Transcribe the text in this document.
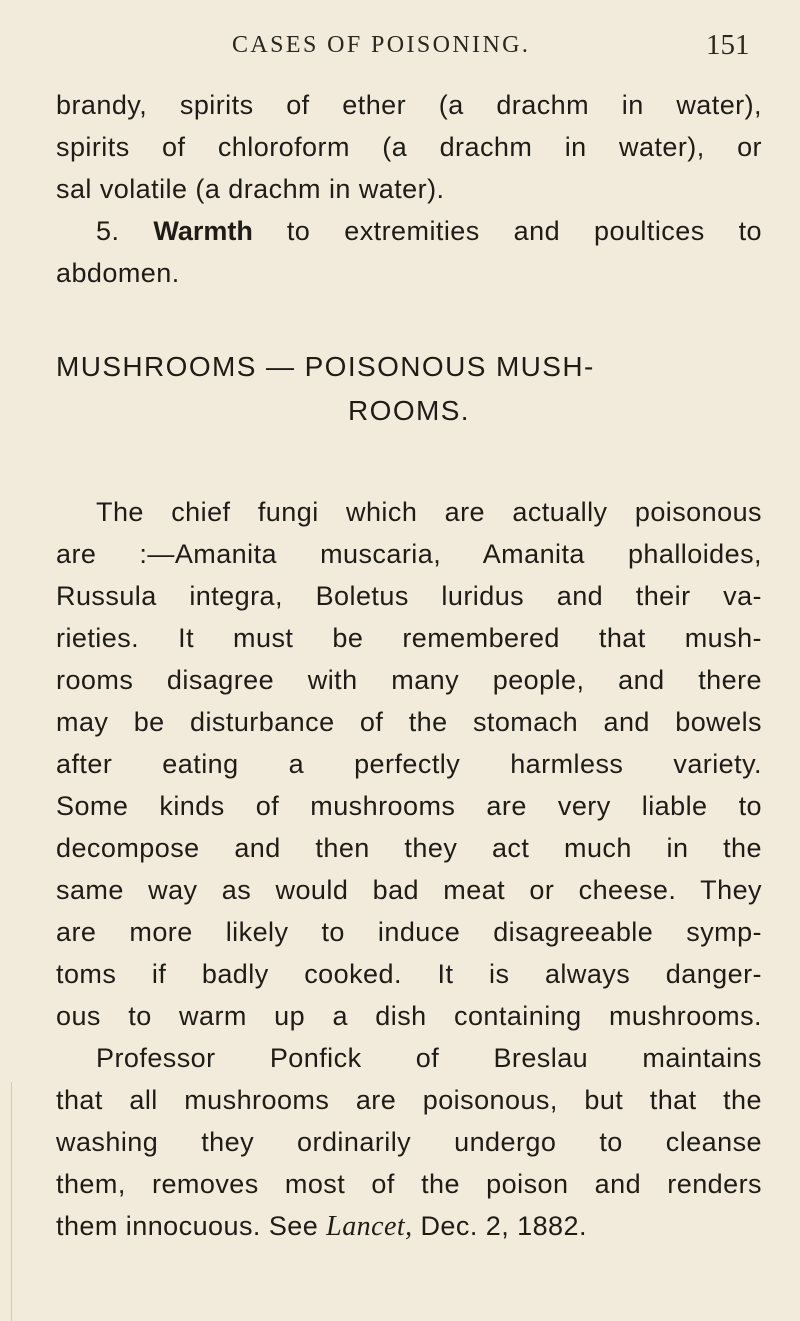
CASES OF POISONING.	151
brandy, spirits of ether (a drachm in water),
spirits of chloroform (a drachm in water), or
sal volatile (a drachm in water).
5. Warmth to extremities and poultices to
abdomen.
MUSHROOMS — POISONOUS MUSH-
ROOMS.
The chief fungi which are actually poisonous
are :—Amanita muscaria, Amanita phalloides,
Russula integra, Boletus luridus and their va-
rieties. It must be remembered that mush-
rooms disagree with many people, and there
may be disturbance of the stomach and bowels
after eating a perfectly harmless variety.
Some kinds of mushrooms are very liable to
decompose and then they act much in the
same way as would bad meat or cheese. They
are more likely to induce disagreeable symp-
toms if badly cooked. It is always danger-
ous to warm up a dish containing mushrooms.
Professor Ponfick of Breslau maintains
that all mushrooms are poisonous, but that the
washing they ordinarily undergo to cleanse
them, removes most of the poison and renders
them innocuous. See Lancet, Dec. 2, 1882.
